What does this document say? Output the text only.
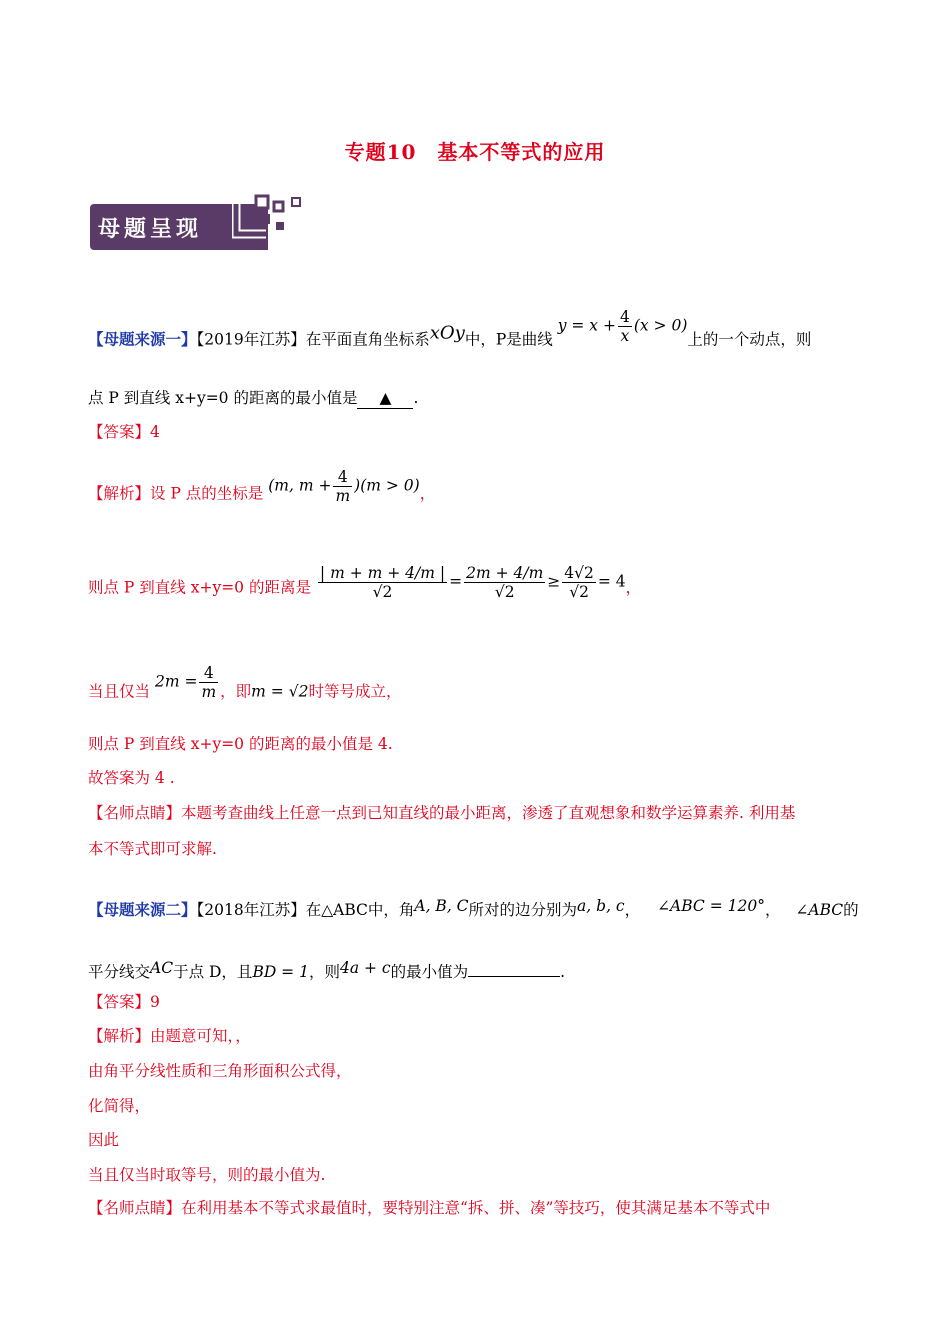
专题10　基本不等式的应用
母题呈现
【母题来源一】【2019年江苏】在平面直角坐标系xOy中，P是曲线 $y = x + \frac{4}{x} (x > 0)$上的一个动点，则
点 P 到直线 x+y=0 的距离的最小值是 ▲ .
【答案】4
【解析】设 P 点的坐标是 (m, $m + \frac{4}{m} )(m > 0)$，
则点 P 到直线 x+y=0 的距离是 $\frac{| m + m + 4/m |}{√2} = \frac{2m + 4/m}{√2} \ge \frac{4√2}{√2} = 4$，
当且仅当 $2m = \frac{4}{m}$ ，即m = √2时等号成立，
则点 P 到直线 x+y=0 的距离的最小值是 4.
故答案为 4 .
【名师点睛】本题考查曲线上任意一点到已知直线的最小距离，渗透了直观想象和数学运算素养. 利用基
本不等式即可求解.
【母题来源二】【2018年江苏】在△ABC中，角A, B, C所对的边分别为a, b, c， ∠ABC = 120°， ∠ABC的
平分线交AC于点 D，且BD = 1，则4a + c的最小值为	.
【答案】9
【解析】由题意可知，，
由角平分线性质和三角形面积公式得，
化简得，
因此
当且仅当时取等号，则的最小值为.
【名师点睛】在利用基本不等式求最值时，要特别注意“拆、拼、凑”等技巧，使其满足基本不等式中
